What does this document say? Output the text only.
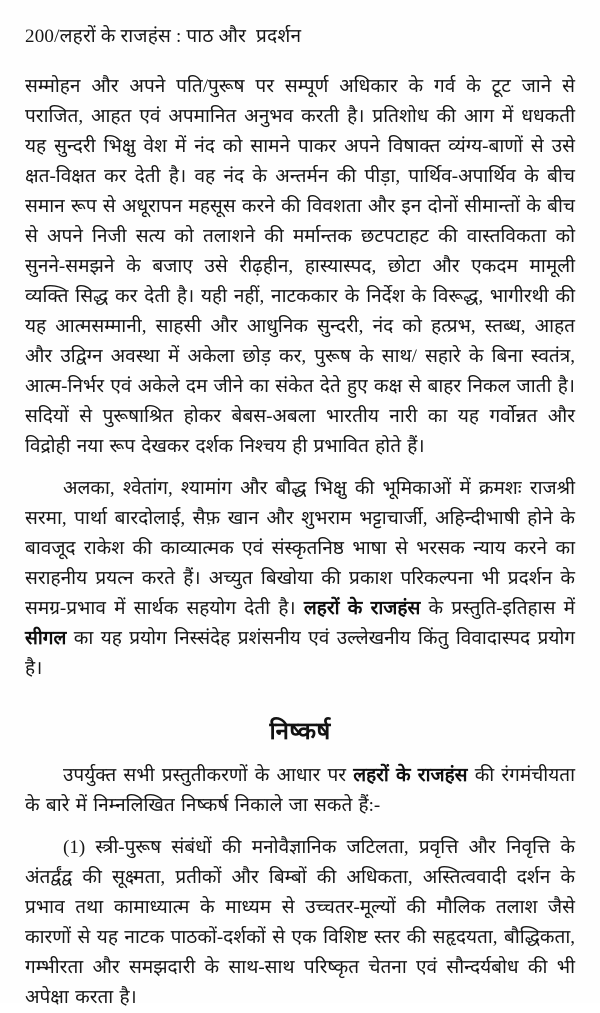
200/लहरों के राजहंस : पाठ और  प्रदर्शन

सम्मोहन और अपने पति/पुरूष पर सम्पूर्ण अधिकार के गर्व के टूट जाने से पराजित, आहत एवं अपमानित अनुभव करती है। प्रतिशोध की आग में धधकती यह सुन्दरी भिक्षु वेश में नंद को सामने पाकर अपने विषाक्त व्यंग्य-बाणों से उसे क्षत-विक्षत कर देती है। वह नंद के अन्तर्मन की पीड़ा, पार्थिव-अपार्थिव के बीच समान रूप से अधूरापन महसूस करने की विवशता और इन दोनों सीमान्तों के बीच से अपने निजी सत्य को तलाशने की मर्मान्तक छटपटाहट की वास्तविकता को सुनने-समझने के बजाए उसे रीढ़हीन, हास्यास्पद, छोटा और एकदम मामूली व्यक्ति सिद्ध कर देती है। यही नहीं, नाटककार के निर्देश के विरूद्ध, भागीरथी की यह आत्मसम्मानी, साहसी और आधुनिक सुन्दरी, नंद को हत्प्रभ, स्तब्ध, आहत और उद्विग्न अवस्था में अकेला छोड़ कर, पुरूष के साथ/ सहारे के बिना स्वतंत्र, आत्म-निर्भर एवं अकेले दम जीने का संकेत देते हुए कक्ष से बाहर निकल जाती है। सदियों से पुरूषाश्रित होकर बेबस-अबला भारतीय नारी का यह गर्वोन्नत और विद्रोही नया रूप देखकर दर्शक निश्चय ही प्रभावित होते हैं।

अलका, श्वेतांग, श्यामांग और बौद्ध भिक्षु की भूमिकाओं में क्रमशः राजश्री सरमा, पार्था बारदोलाई, सैफ़ खान और शुभराम भट्टाचार्जी, अहिन्दीभाषी होने के बावजूद राकेश की काव्यात्मक एवं संस्कृतनिष्ठ भाषा से भरसक न्याय करने का सराहनीय प्रयत्न करते हैं। अच्युत बिखोया की प्रकाश परिकल्पना भी प्रदर्शन के समग्र-प्रभाव में सार्थक सहयोग देती है। लहरों के राजहंस के प्रस्तुति-इतिहास में सीगल का यह प्रयोग निस्संदेह प्रशंसनीय एवं उल्लेखनीय किंतु विवादास्पद प्रयोग है।

निष्कर्ष

उपर्युक्त सभी प्रस्तुतीकरणों के आधार पर लहरों के राजहंस की रंगमंचीयता के बारे में निम्नलिखित निष्कर्ष निकाले जा सकते हैं:-

(1) स्त्री-पुरूष संबंधों की मनोवैज्ञानिक जटिलता, प्रवृत्ति और निवृत्ति के अंतर्द्वंद्व की सूक्ष्मता, प्रतीकों और बिम्बों की अधिकता, अस्तित्ववादी दर्शन के प्रभाव तथा कामाध्यात्म के माध्यम से उच्चतर-मूल्यों की मौलिक तलाश जैसे कारणों से यह नाटक पाठकों-दर्शकों से एक विशिष्ट स्तर की सहृदयता, बौद्धिकता, गम्भीरता और समझदारी के साथ-साथ परिष्कृत चेतना एवं सौन्दर्यबोध की भी अपेक्षा करता है।
